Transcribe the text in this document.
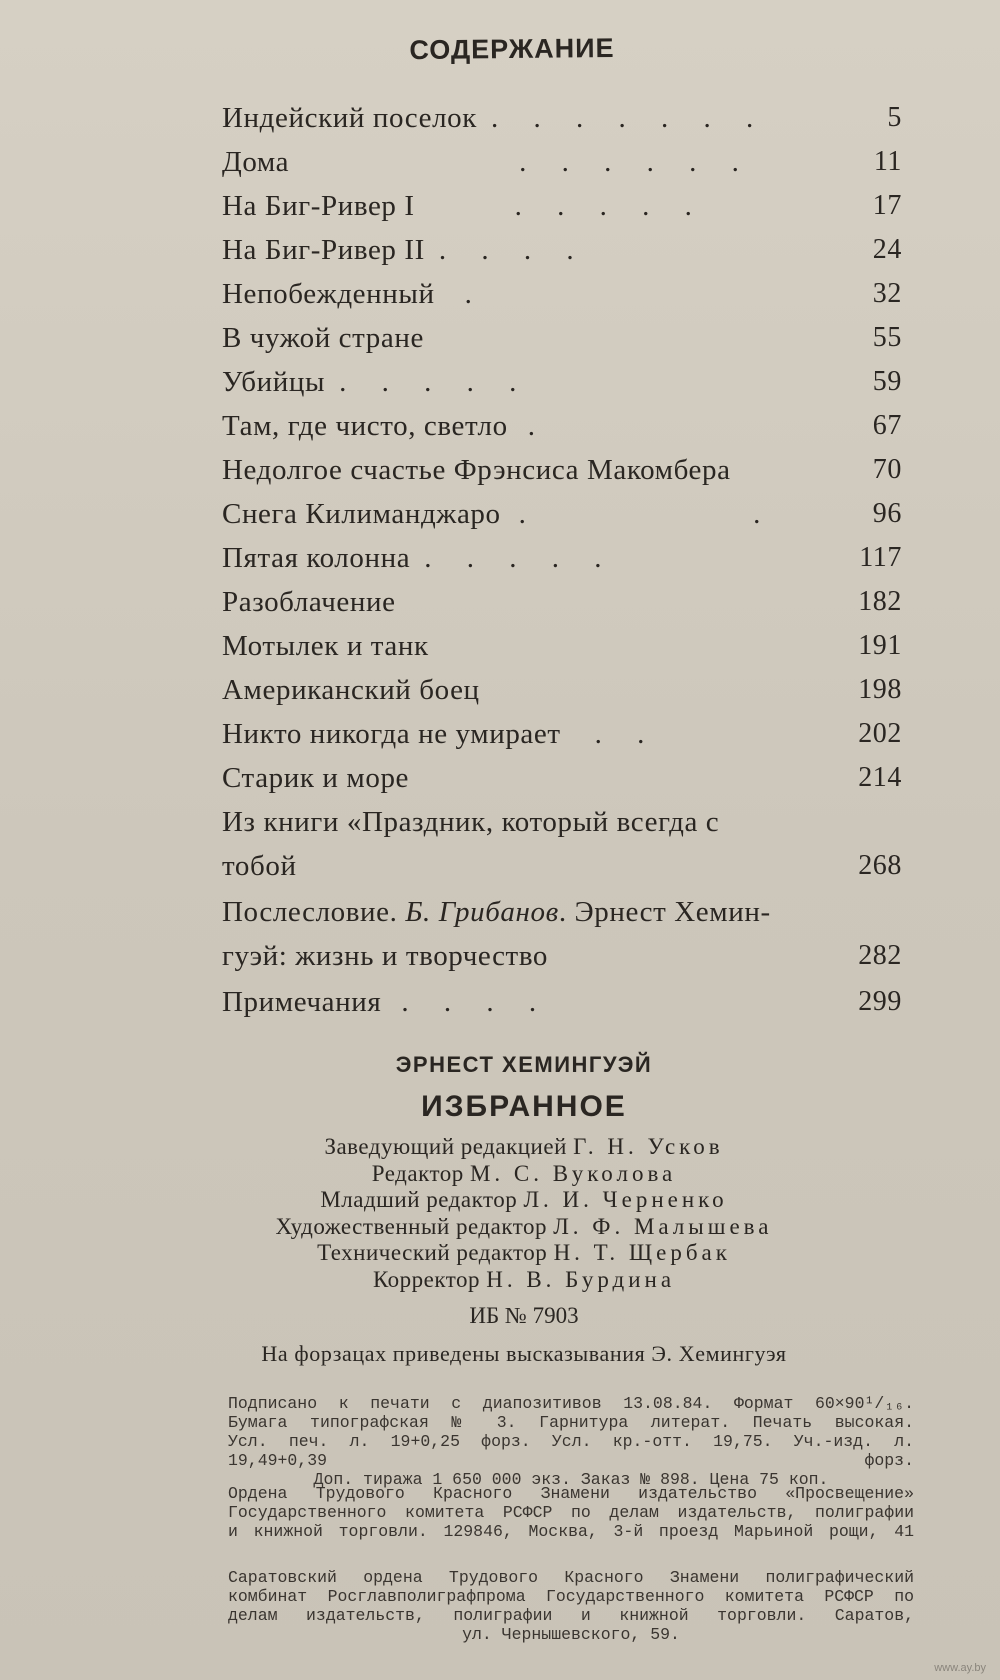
СОДЕРЖАНИЕ
Индейский поселок . . . . . . .	5
Дома	. . . . . .	11
На Биг-Ривер I	. . . . .	17
На Биг-Ривер II . . . .	24
Непобежденный .	32
В чужой стране	55
Убийцы . . . . .	59
Там, где чисто, светло .	67
Недолгое счастье Фрэнсиса Макомбера	70
Снега Килиманджаро . . 96
Пятая колонна . . . . .	117
Разоблачение	182
Мотылек и танк	191
Американский боец	198
Никто никогда не умирает . .	202
Старик и море	214
Из книги «Праздник, который всегда с
тобой	268
Послесловие. Б. Грибанов. Эрнест Хемин-
гуэй: жизнь и творчество	282
Примечания . . . .	299
ЭРНЕСТ ХЕМИНГУЭЙ
ИЗБРАННОЕ
Заведующий редакцией Г. Н. Усков
Редактор М. С. Вуколова
Младший редактор Л. И. Черненко
Художественный редактор Л. Ф. Малышева
Технический редактор Н. Т. Щербак
Корректор Н. В. Бурдина
ИБ № 7903
На форзацах приведены высказывания Э. Хемингуэя

Подписано к печати с диапозитивов 13.08.84. Формат 60×90¹/₁₆.

Бумага типографская № 3. Гарнитура литерат. Печать высокая.

Усл. печ. л. 19+0,25 форз. Усл. кр.-отт. 19,75. Уч.-изд. л. 19,49+0,39 форз.

Доп. тиража 1 650 000 экз. Заказ № 898. Цена 75 коп.

Ордена Трудового Красного Знамени издательство «Просвещение»

Государственного комитета РСФСР по делам издательств, полиграфии

и книжной торговли. 129846, Москва, 3-й проезд Марьиной рощи, 41

Саратовский ордена Трудового Красного Знамени полиграфический

комбинат Росглавполиграфпрома Государственного комитета РСФСР по

делам издательств, полиграфии и книжной торговли. Саратов,

ул. Чернышевского, 59.

www.ay.by
